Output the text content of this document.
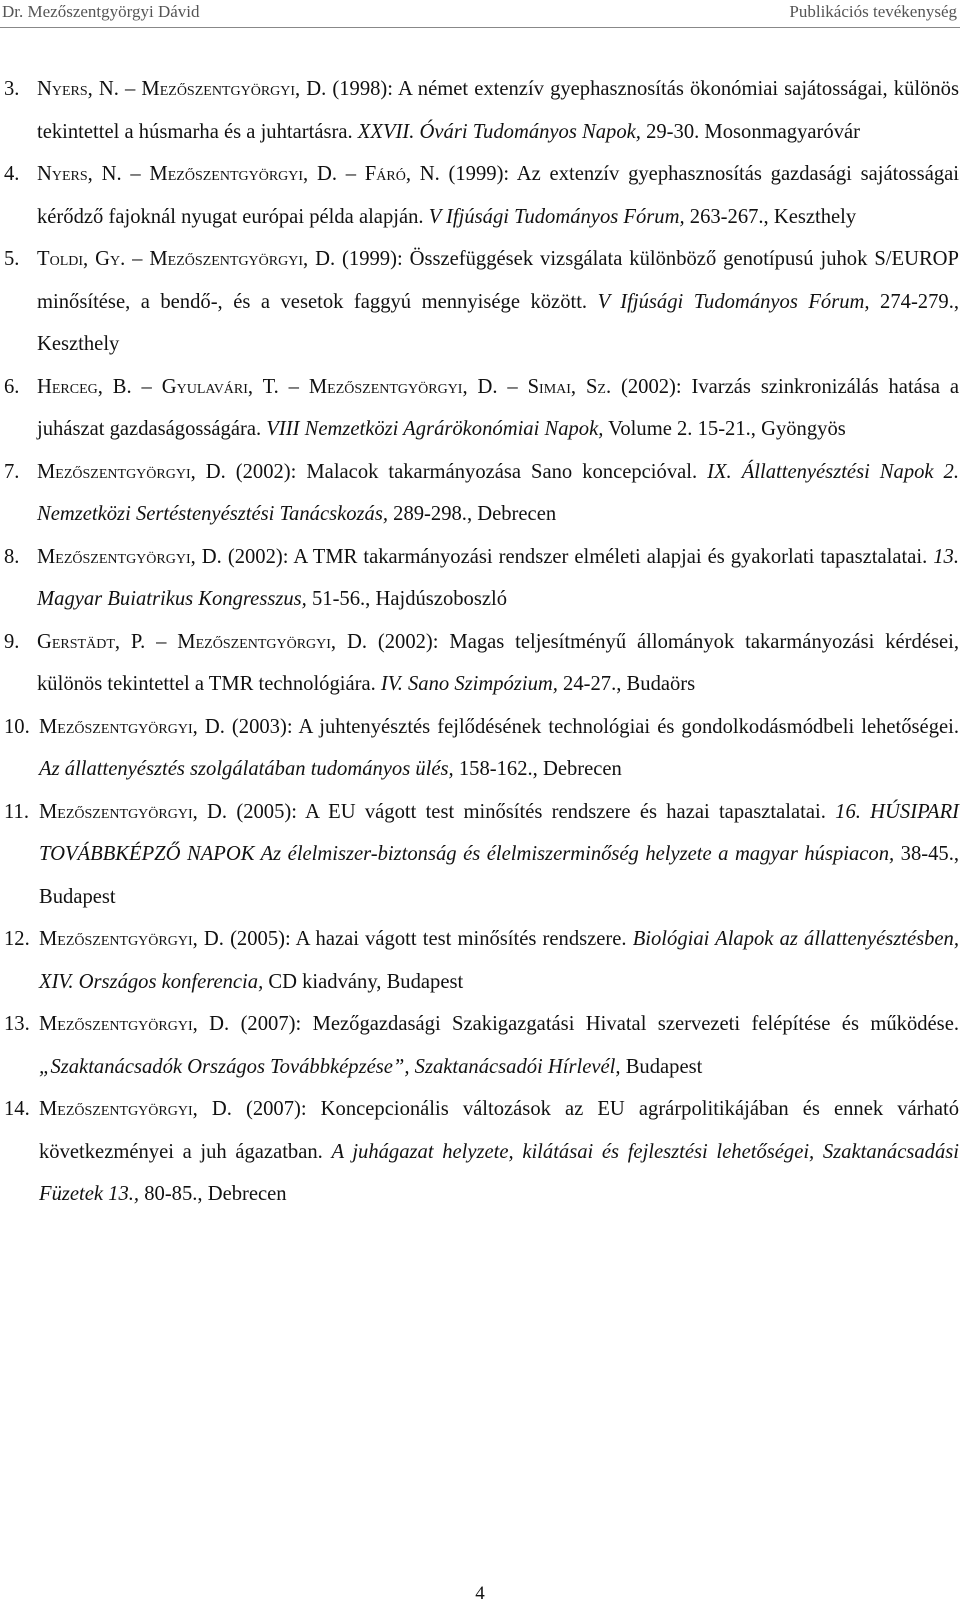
Dr. Mezőszentgyörgyi Dávid	Publikációs tevékenység
3. Nyers, N. – Mezőszentgyörgyi, D. (1998): A német extenzív gyephasznosítás ökonómiai sajátosságai, különös tekintettel a húsmarha és a juhtartásra. XXVII. Óvári Tudományos Napok, 29-30. Mosonmagyaróvár
4. Nyers, N. – Mezőszentgyörgyi, D. – Fáró, N. (1999): Az extenzív gyephasznosítás gazdasági sajátosságai kérődző fajoknál nyugat európai példa alapján. V Ifjúsági Tudományos Fórum, 263-267., Keszthely
5. Toldi, Gy. – Mezőszentgyörgyi, D. (1999): Összefüggések vizsgálata különböző genotípusú juhok S/EUROP minősítése, a bendő-, és a vesetok faggyú mennyisége között. V Ifjúsági Tudományos Fórum, 274-279., Keszthely
6. Herceg, B. – Gyulavári, T. – Mezőszentgyörgyi, D. – Simai, Sz. (2002): Ivarzás szinkronizálás hatása a juhászat gazdaságosságára. VIII Nemzetközi Agrárökonómiai Napok, Volume 2. 15-21., Gyöngyös
7. Mezőszentgyörgyi, D. (2002): Malacok takarmányozása Sano koncepcióval. IX. Állattenyésztési Napok 2. Nemzetközi Sertéstenyésztési Tanácskozás, 289-298., Debrecen
8. Mezőszentgyörgyi, D. (2002): A TMR takarmányozási rendszer elméleti alapjai és gyakorlati tapasztalatai. 13. Magyar Buiatrikus Kongresszus, 51-56., Hajdúszoboszló
9. Gerstädt, P. – Mezőszentgyörgyi, D. (2002): Magas teljesítményű állományok takarmányozási kérdései, különös tekintettel a TMR technológiára. IV. Sano Szimpózium, 24-27., Budaörs
10. Mezőszentgyörgyi, D. (2003): A juhtenyésztés fejlődésének technológiai és gondolkodásmódbeli lehetőségei. Az állattenyésztés szolgálatában tudományos ülés, 158-162., Debrecen
11. Mezőszentgyörgyi, D. (2005): A EU vágott test minősítés rendszere és hazai tapasztalatai. 16. HÚSIPARI TOVÁBBKÉPZŐ NAPOK Az élelmiszer-biztonság és élelmiszerminőség helyzete a magyar húspiacon, 38-45., Budapest
12. Mezőszentgyörgyi, D. (2005): A hazai vágott test minősítés rendszere. Biológiai Alapok az állattenyésztésben, XIV. Országos konferencia, CD kiadvány, Budapest
13. Mezőszentgyörgyi, D. (2007): Mezőgazdasági Szakigazgatási Hivatal szervezeti felépítése és működése. „Szaktanácsadók Országos Továbbképzése”, Szaktanácsadói Hírlevél, Budapest
14. Mezőszentgyörgyi, D. (2007): Koncepcionális változások az EU agrárpolitikájában és ennek várható következményei a juh ágazatban. A juhágazat helyzete, kilátásai és fejlesztési lehetőségei, Szaktanácsadási Füzetek 13., 80-85., Debrecen
4
